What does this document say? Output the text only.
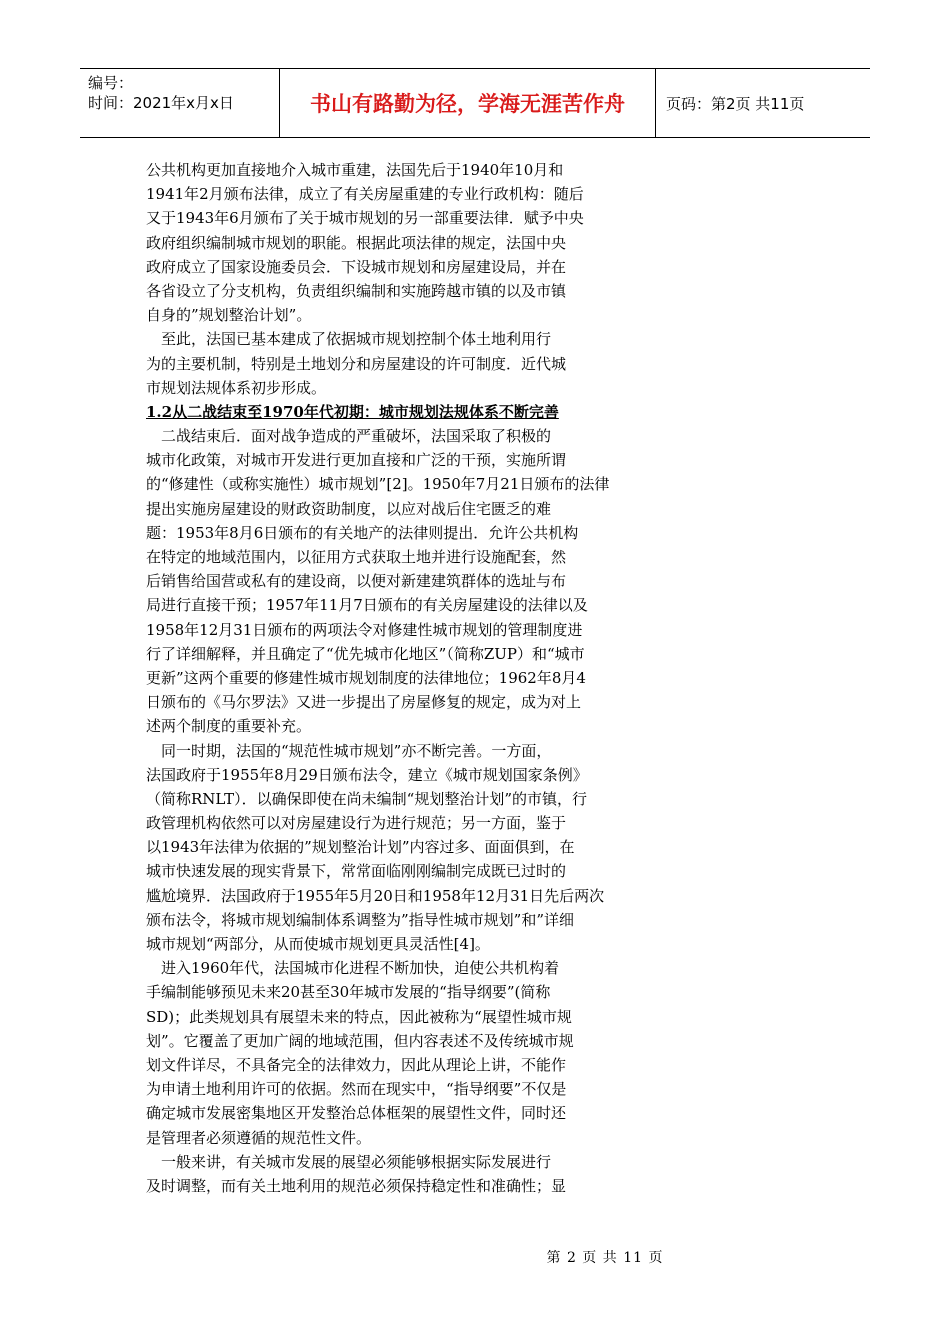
编号：
时间：2021年x月x日	书山有路勤为径，学海无涯苦作舟	页码：第2页 共11页
公共机构更加直接地介入城市重建，法国先后于1940年10月和
1941年2月颁布法律，成立了有关房屋重建的专业行政机构：随后
又于1943年6月颁布了关于城市规划的另一部重要法律．赋予中央
政府组织编制城市规划的职能。根据此项法律的规定，法国中央
政府成立了国家设施委员会．下设城市规划和房屋建设局，并在
各省设立了分支机构，负责组织编制和实施跨越市镇的以及市镇
自身的”规划整治计划”。
　至此，法国已基本建成了依据城市规划控制个体土地利用行
为的主要机制，特别是土地划分和房屋建设的许可制度．近代城
市规划法规体系初步形成。
1.2从二战结束至1970年代初期：城市规划法规体系不断完善
　二战结束后．面对战争造成的严重破坏，法国采取了积极的
城市化政策，对城市开发进行更加直接和广泛的干预，实施所谓
的“修建性（或称实施性）城市规划”[2]。1950年7月21日颁布的法律
提出实施房屋建设的财政资助制度，以应对战后住宅匮乏的难
题：1953年8月6日颁布的有关地产的法律则提出．允许公共机构
在特定的地域范围内，以征用方式获取土地并进行设施配套，然
后销售给国营或私有的建设商，以便对新建建筑群体的选址与布
局进行直接干预；1957年11月7日颁布的有关房屋建设的法律以及
1958年12月31日颁布的两项法令对修建性城市规划的管理制度进
行了详细解释，并且确定了“优先城市化地区”（简称ZUP）和“城市
更新”这两个重要的修建性城市规划制度的法律地位；1962年8月4
日颁布的《马尔罗法》又进一步提出了房屋修复的规定，成为对上
述两个制度的重要补充。
　同一时期，法国的“规范性城市规划”亦不断完善。一方面，
法国政府于1955年8月29日颁布法令，建立《城市规划国家条例》
（简称RNLT）．以确保即使在尚未编制“规划整治计划”的市镇，行
政管理机构依然可以对房屋建设行为进行规范；另一方面，鉴于
以1943年法律为依据的”规划整治计划”内容过多、面面俱到，在
城市快速发展的现实背景下，常常面临刚刚编制完成既已过时的
尴尬境界．法国政府于1955年5月20日和1958年12月31日先后两次
颁布法令，将城市规划编制体系调整为”指导性城市规划”和”详细
城市规划“两部分，从而使城市规划更具灵活性[4]。
　进入1960年代，法国城市化进程不断加快，迫使公共机构着
手编制能够预见未来20甚至30年城市发展的“指导纲要”(简称
SD)；此类规划具有展望未来的特点，因此被称为“展望性城市规
划”。它覆盖了更加广阔的地域范围，但内容表述不及传统城市规
划文件详尽，不具备完全的法律效力，因此从理论上讲，不能作
为申请土地利用许可的依据。然而在现实中，“指导纲要”不仅是
确定城市发展密集地区开发整治总体框架的展望性文件，同时还
是管理者必须遵循的规范性文件。
　一般来讲，有关城市发展的展望必须能够根据实际发展进行
及时调整，而有关土地利用的规范必须保持稳定性和准确性；显
第 2 页 共 11 页
